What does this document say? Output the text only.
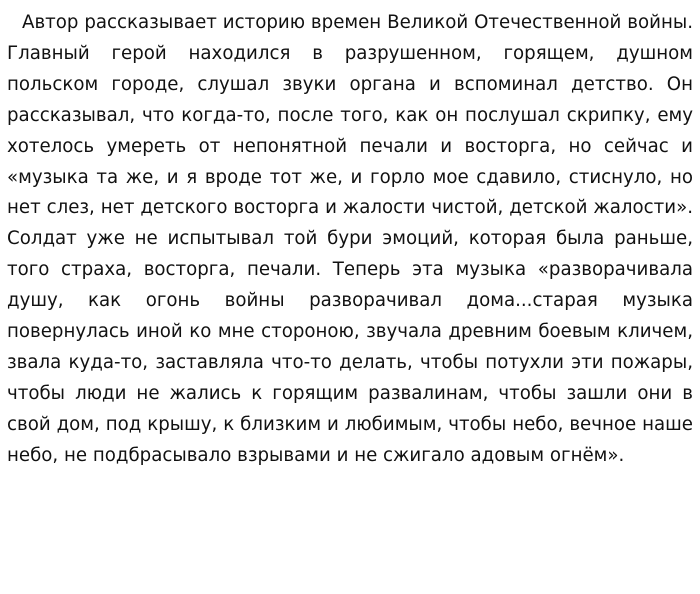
Автор рассказывает историю времен Великой Отечественной войны. Главный герой находился в разрушенном, горящем, душном польском городе, слушал звуки органа и вспоминал детство. Он рассказывал, что когда-то, после того, как он послушал скрипку, ему хотелось умереть от непонятной печали и восторга, но сейчас и «музыка та же, и я вроде тот же, и горло мое сдавило, стиснуло, но нет слез, нет детского восторга и жалости чистой, детской жалости». Солдат уже не испытывал той бури эмоций, которая была раньше, того страха, восторга, печали. Теперь эта музыка «разворачивала душу, как огонь войны разворачивал дома...старая музыка повернулась иной ко мне стороною, звучала древним боевым кличем, звала куда-то, заставляла что-то делать, чтобы потухли эти пожары, чтобы люди не жались к горящим развалинам, чтобы зашли они в свой дом, под крышу, к близким и любимым, чтобы небо, вечное наше небо, не подбрасывало взрывами и не сжигало адовым огнём».
